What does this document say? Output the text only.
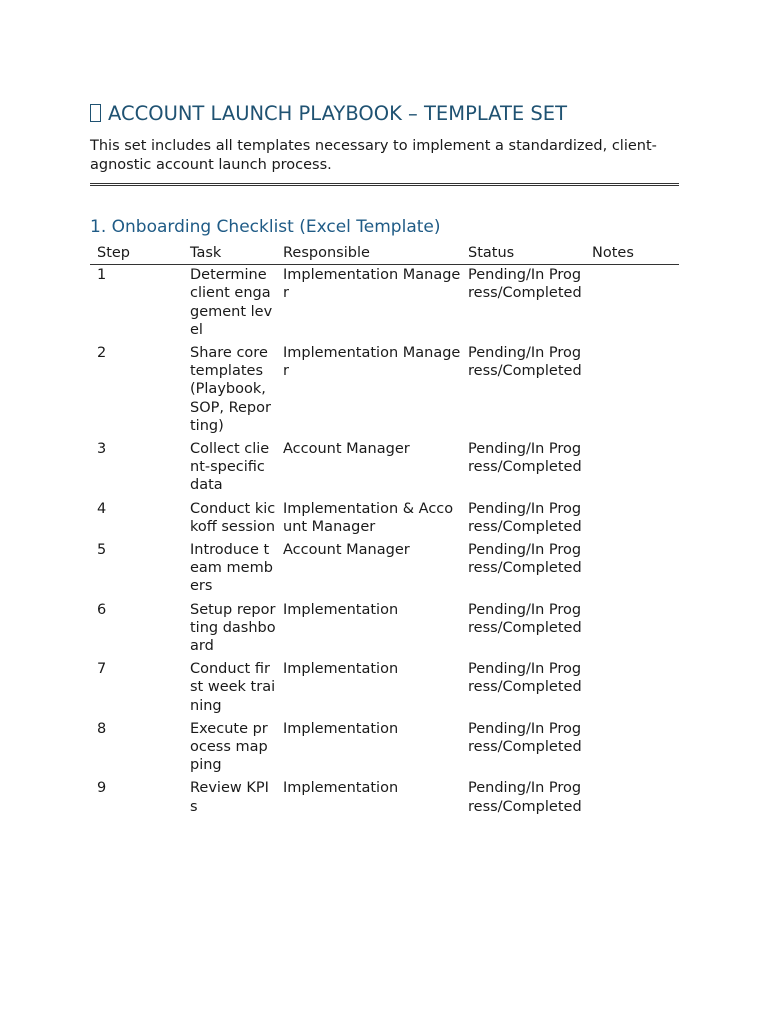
ACCOUNT LAUNCH PLAYBOOK – TEMPLATE SET

This set includes all templates necessary to implement a standardized, client-agnostic account launch process.

1. Onboarding Checklist (Excel Template)
Step	Task	Responsible	Status	Notes
1	Determine client engagement level	Implementation Manager	Pending/In Progress/Completed	
2	Share core templates (Playbook, SOP, Reporting)	Implementation Manager	Pending/In Progress/Completed	
3	Collect client-specific data	Account Manager	Pending/In Progress/Completed	
4	Conduct kickoff session	Implementation & Account Manager	Pending/In Progress/Completed	
5	Introduce team members	Account Manager	Pending/In Progress/Completed	
6	Setup reporting dashboard	Implementation	Pending/In Progress/Completed	
7	Conduct first week training	Implementation	Pending/In Progress/Completed	
8	Execute process mapping	Implementation	Pending/In Progress/Completed	
9	Review KPIs	Implementation	Pending/In Progress/Completed	
